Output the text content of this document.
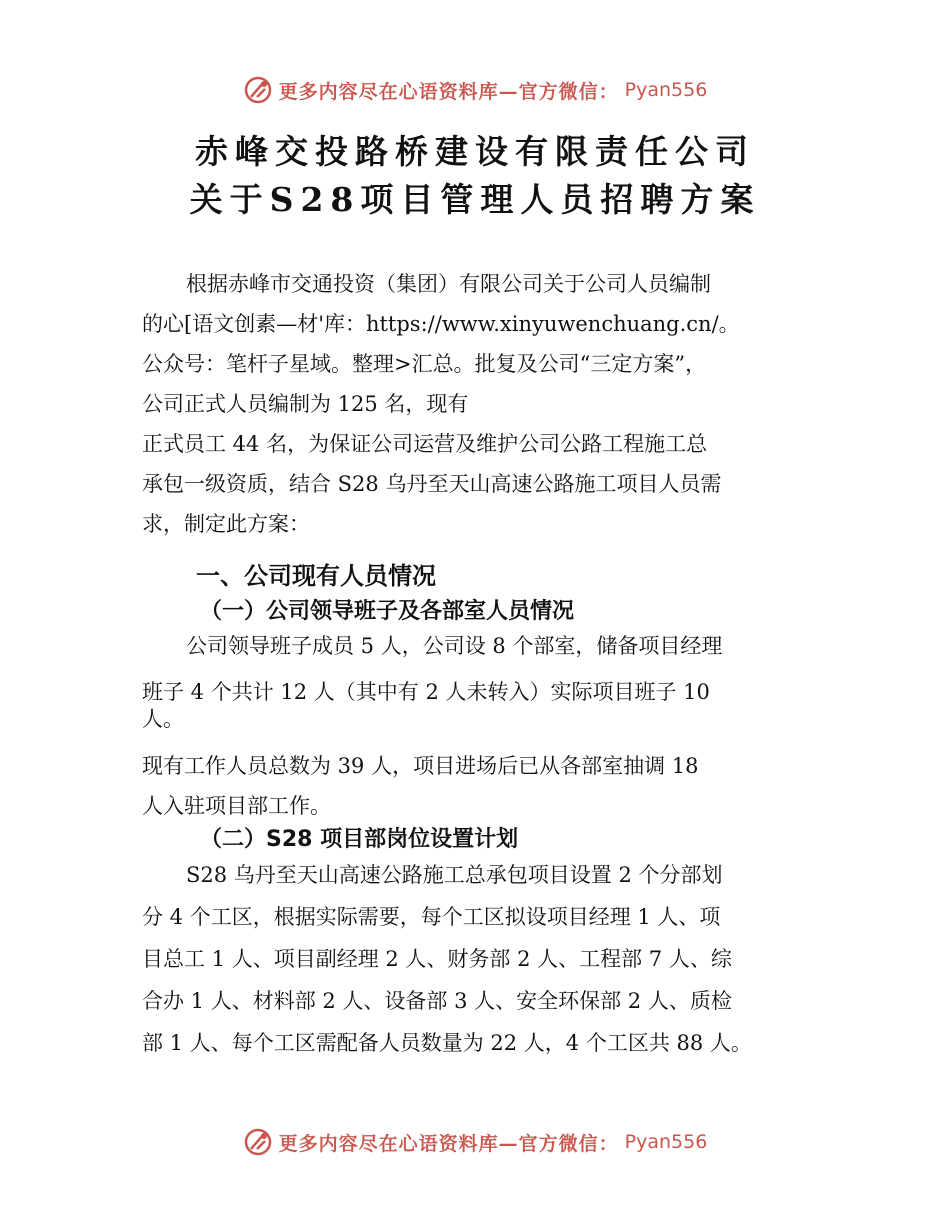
更多内容尽在心语资料库—官方微信： Pyan556
赤峰交投路桥建设有限责任公司
关于S28项目管理人员招聘方案
根据赤峰市交通投资（集团）有限公司关于公司人员编制
的心[语文创素—材'库：https://www.xinyuwenchuang.cn/。
公众号：笔杆子星域。整理>汇总。批复及公司“三定方案”，
公司正式人员编制为 125 名，现有
正式员工 44 名，为保证公司运营及维护公司公路工程施工总
承包一级资质，结合 S28 乌丹至天山高速公路施工项目人员需
求，制定此方案：
一、公司现有人员情况
（一）公司领导班子及各部室人员情况
公司领导班子成员 5 人，公司设 8 个部室，储备项目经理
班子 4 个共计 12 人（其中有 2 人未转入）实际项目班子 10
人。
现有工作人员总数为 39 人，项目进场后已从各部室抽调 18
人入驻项目部工作。
（二）S28 项目部岗位设置计划
S28 乌丹至天山高速公路施工总承包项目设置 2 个分部划
分 4 个工区，根据实际需要，每个工区拟设项目经理 1 人、项
目总工 1 人、项目副经理 2 人、财务部 2 人、工程部 7 人、综
合办 1 人、材料部 2 人、设备部 3 人、安全环保部 2 人、质检
部 1 人、每个工区需配备人员数量为 22 人，4 个工区共 88 人。
更多内容尽在心语资料库—官方微信： Pyan556
